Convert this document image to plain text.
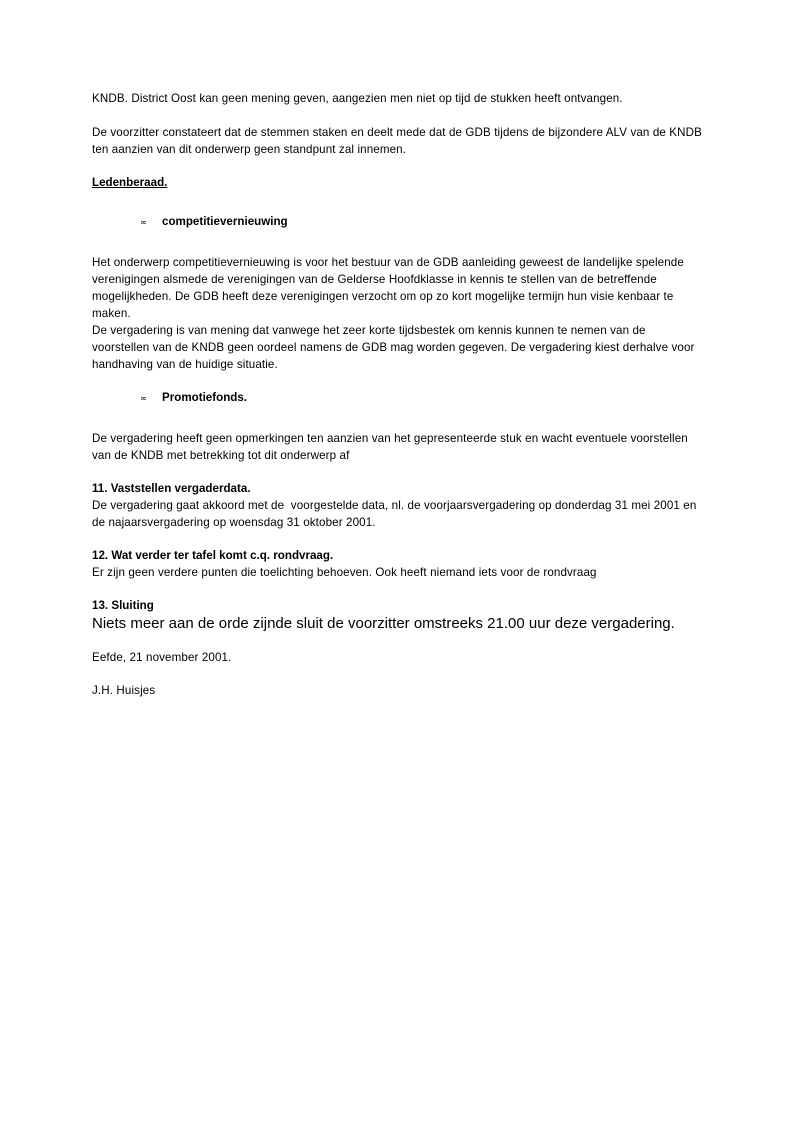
KNDB. District Oost kan geen mening geven, aangezien men niet op tijd de stukken heeft ontvangen.

De voorzitter constateert dat de stemmen staken en deelt mede dat de GDB tijdens de bijzondere ALV van de KNDB ten aanzien van dit onderwerp geen standpunt zal innemen.

Ledenberaad.

∞	competitievernieuwing

Het onderwerp competitievernieuwing is voor het bestuur van de GDB aanleiding geweest de landelijke spelende verenigingen alsmede de verenigingen van de Gelderse Hoofdklasse in kennis te stellen van de betreffende mogelijkheden. De GDB heeft deze verenigingen verzocht om op zo kort mogelijke termijn hun visie kenbaar te maken.

De vergadering is van mening dat vanwege het zeer korte tijdsbestek om kennis kunnen te nemen van de voorstellen van de KNDB geen oordeel namens de GDB mag worden gegeven. De vergadering kiest derhalve voor handhaving van de huidige situatie.

∞	Promotiefonds.

De vergadering heeft geen opmerkingen ten aanzien van het gepresenteerde stuk en wacht eventuele voorstellen van de KNDB met betrekking tot dit onderwerp af

11. Vaststellen vergaderdata.

De vergadering gaat akkoord met de  voorgestelde data, nl. de voorjaarsvergadering op donderdag 31 mei 2001 en de najaarsvergadering op woensdag 31 oktober 2001.

12. Wat verder ter tafel komt c.q. rondvraag.

Er zijn geen verdere punten die toelichting behoeven. Ook heeft niemand iets voor de rondvraag

13. Sluiting

Niets meer aan de orde zijnde sluit de voorzitter omstreeks 21.00 uur deze vergadering.

Eefde, 21 november 2001.

J.H. Huisjes
